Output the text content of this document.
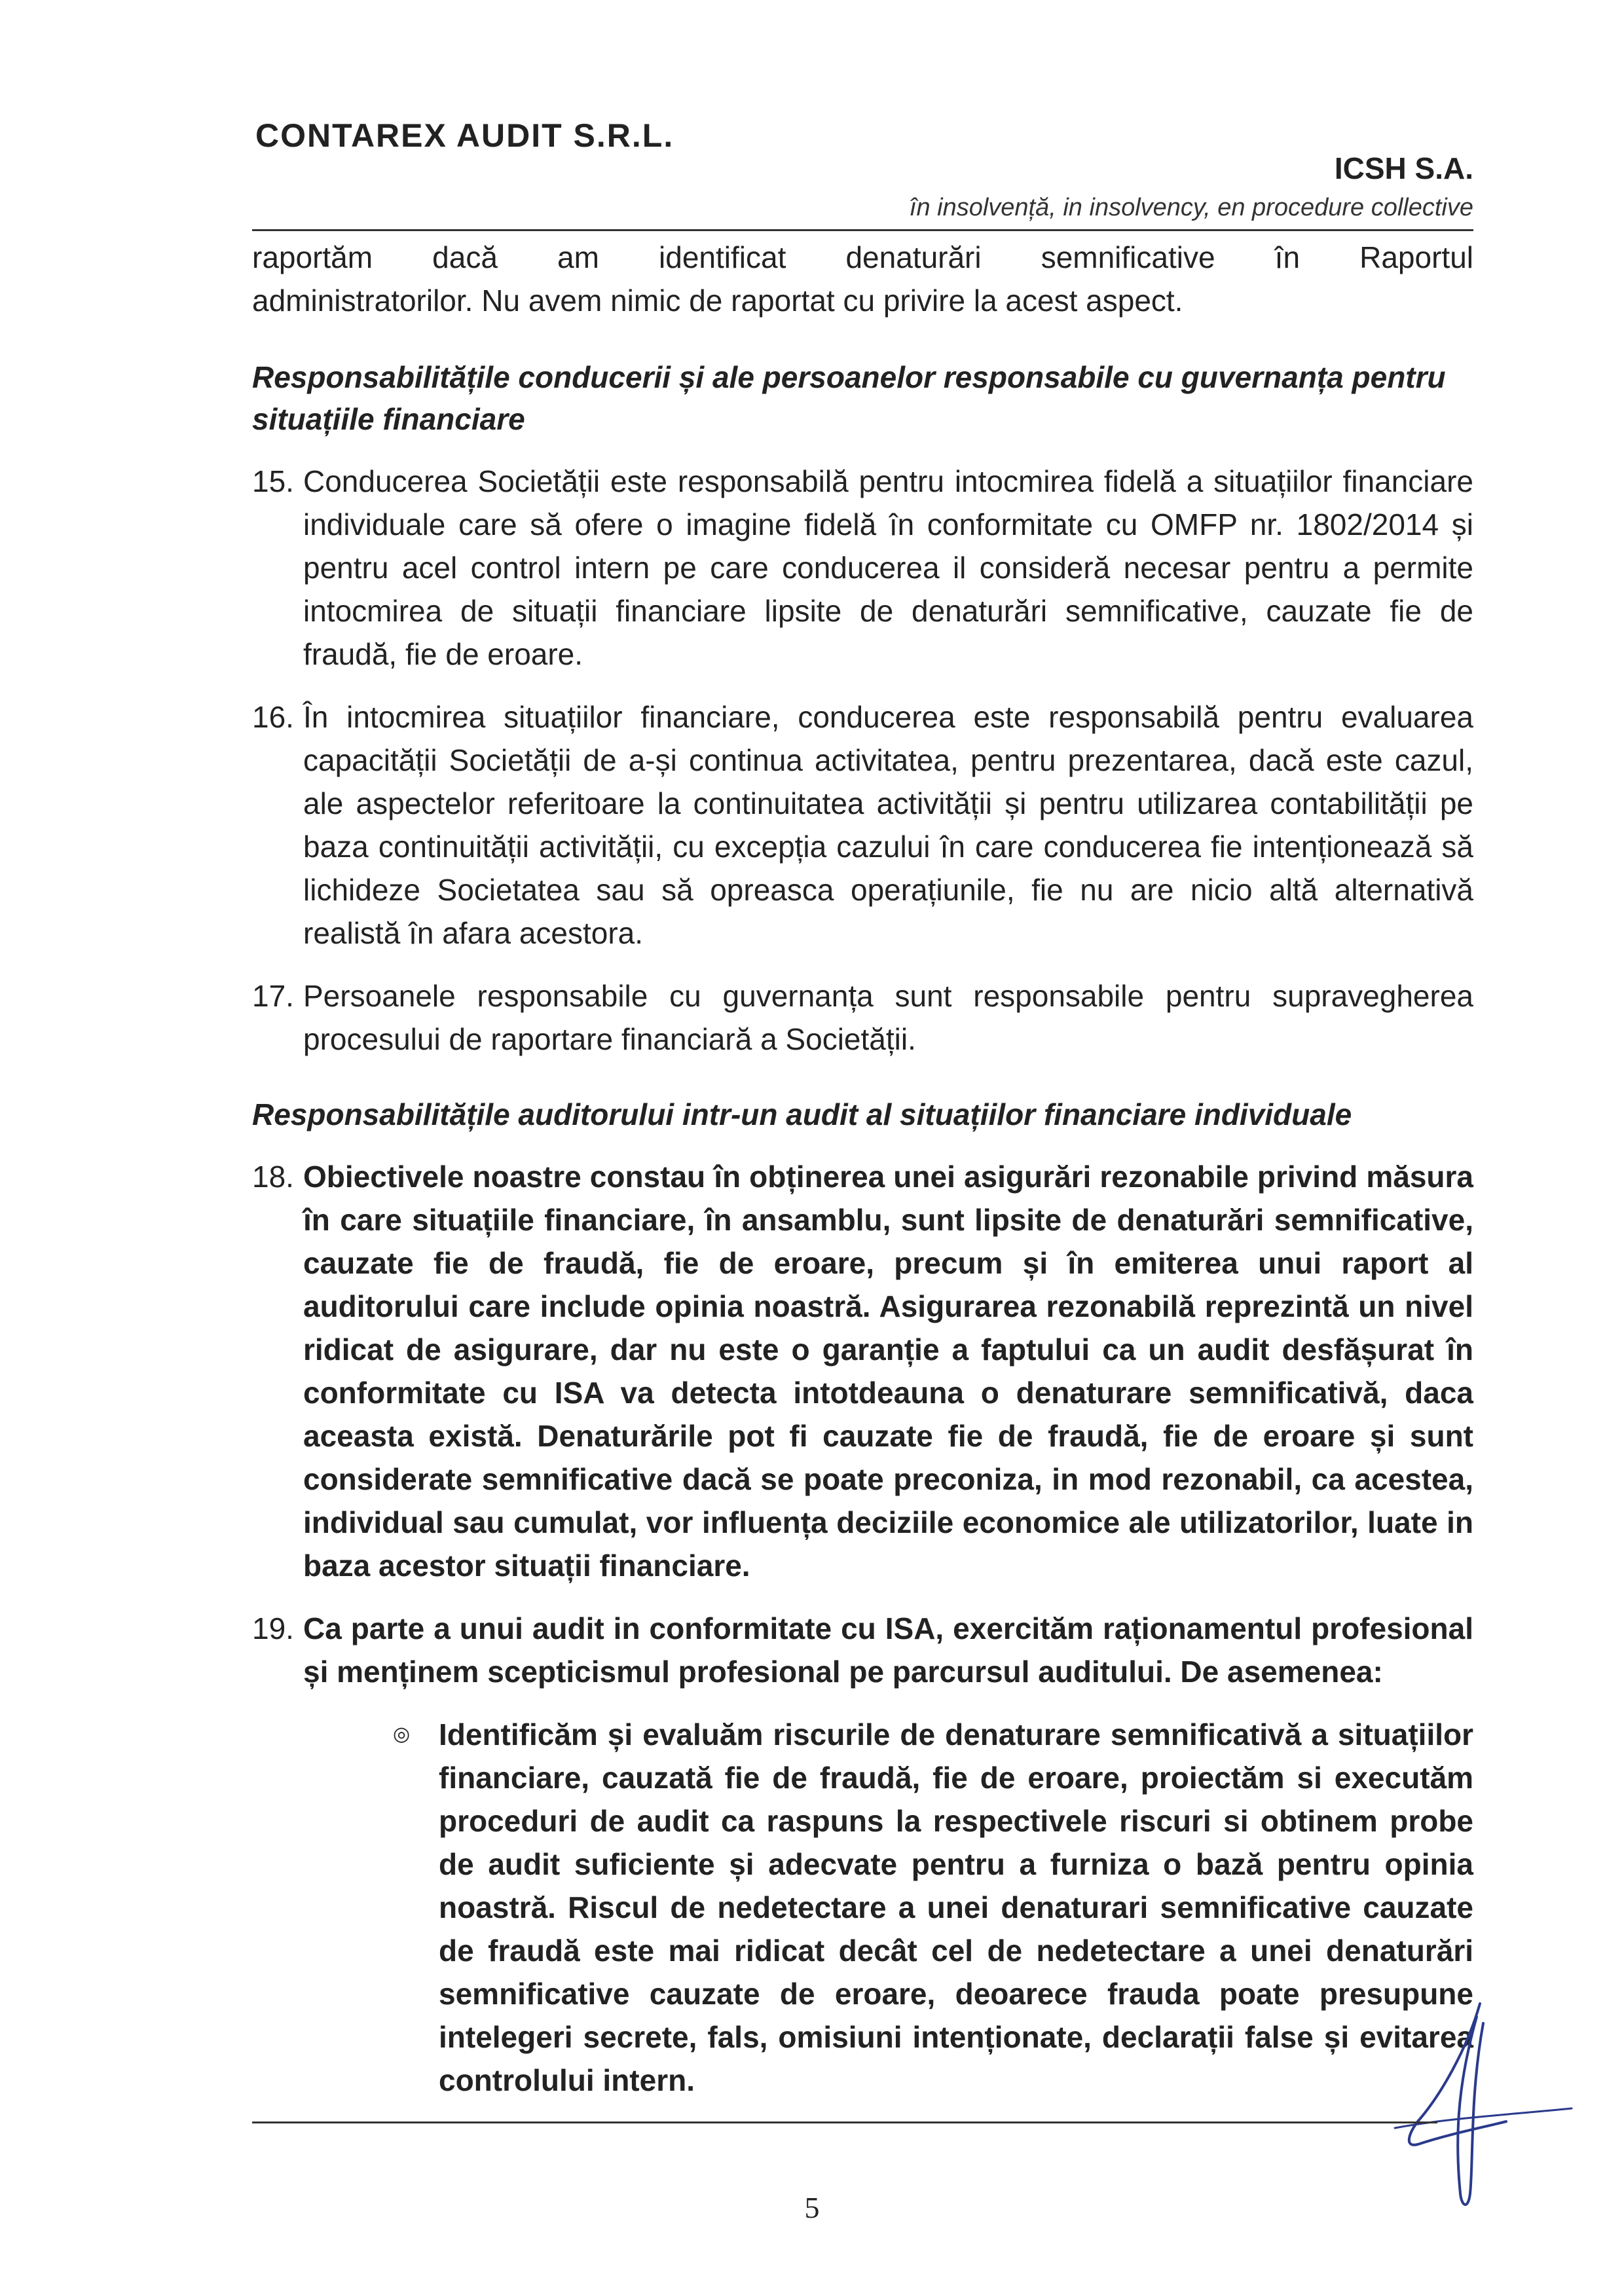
CONTAREX AUDIT S.R.L.
ICSH S.A.
în insolvență, in insolvency, en procedure collective

raportăm dacă am identificat denaturări semnificative în Raportul

administratorilor. Nu avem nimic de raportat cu privire la acest aspect.

Responsabilitățile conducerii și ale persoanelor responsabile cu guvernanța pentru situațiile financiare

15. Conducerea Societății este responsabilă pentru intocmirea fidelă a situațiilor financiare individuale care să ofere o imagine fidelă în conformitate cu OMFP nr. 1802/2014 și pentru acel control intern pe care conducerea il consideră necesar pentru a permite intocmirea de situații financiare lipsite de denaturări semnificative, cauzate fie de fraudă, fie de eroare.
16. În intocmirea situațiilor financiare, conducerea este responsabilă pentru evaluarea capacității Societății de a-și continua activitatea, pentru prezentarea, dacă este cazul, ale aspectelor referitoare la continuitatea activității și pentru utilizarea contabilității pe baza continuității activității, cu excepția cazului în care conducerea fie intenționează să lichideze Societatea sau să opreasca operațiunile, fie nu are nicio altă alternativă realistă în afara acestora.
17. Persoanele responsabile cu guvernanța sunt responsabile pentru supravegherea procesului de raportare financiară a Societății.

Responsabilitățile auditorului intr-un audit al situațiilor financiare individuale

18. Obiectivele noastre constau în obținerea unei asigurări rezonabile privind măsura în care situațiile financiare, în ansamblu, sunt lipsite de denaturări semnificative, cauzate fie de fraudă, fie de eroare, precum și în emiterea unui raport al auditorului care include opinia noastră. Asigurarea rezonabilă reprezintă un nivel ridicat de asigurare, dar nu este o garanție a faptului ca un audit desfășurat în conformitate cu ISA va detecta intotdeauna o denaturare semnificativă, daca aceasta există. Denaturările pot fi cauzate fie de fraudă, fie de eroare și sunt considerate semnificative dacă se poate preconiza, in mod rezonabil, ca acestea, individual sau cumulat, vor influența deciziile economice ale utilizatorilor, luate in baza acestor situații financiare.
19. Ca parte a unui audit in conformitate cu ISA, exercităm raționamentul profesional și menținem scepticismul profesional pe parcursul auditului. De asemenea:
◎ Identificăm și evaluăm riscurile de denaturare semnificativă a situațiilor financiare, cauzată fie de fraudă, fie de eroare, proiectăm si executăm proceduri de audit ca raspuns la respectivele riscuri si obtinem probe de audit suficiente și adecvate pentru a furniza o bază pentru opinia noastră. Riscul de nedetectare a unei denaturari semnificative cauzate de fraudă este mai ridicat decât cel de nedetectare a unei denaturări semnificative cauzate de eroare, deoarece frauda poate presupune intelegeri secrete, fals, omisiuni intenționate, declarații false și evitarea controlului intern.
5
